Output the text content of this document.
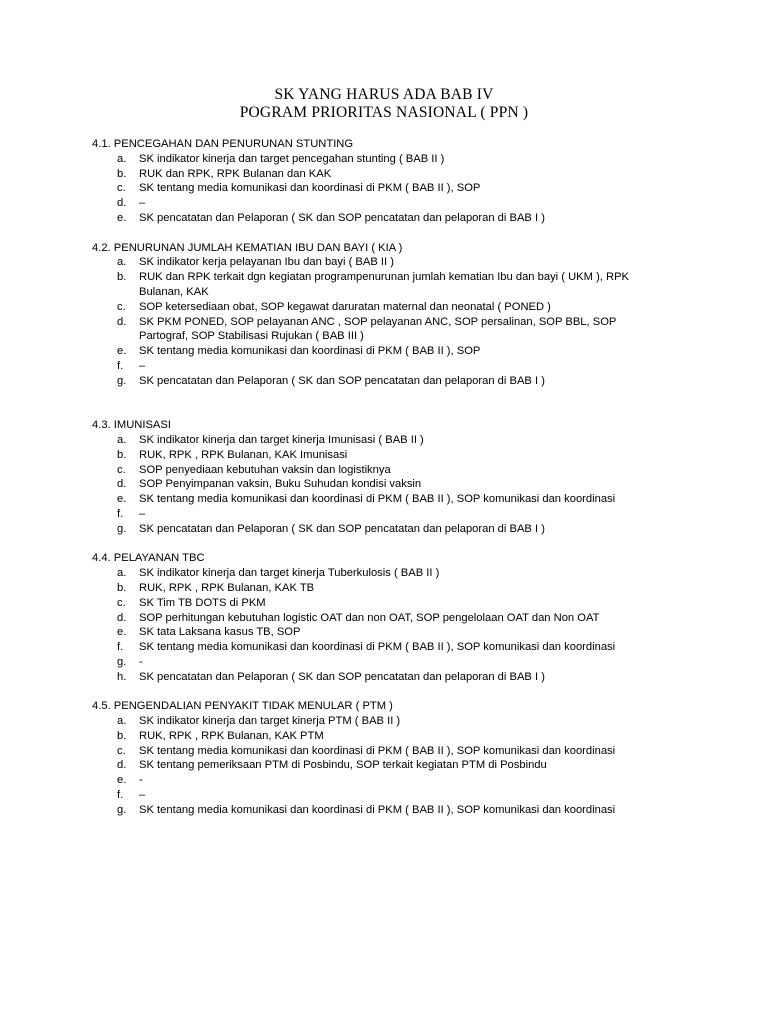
SK YANG HARUS ADA BAB IV
POGRAM PRIORITAS NASIONAL ( PPN )
4.1. PENCEGAHAN DAN PENURUNAN STUNTING
a. SK indikator kinerja dan target pencegahan stunting ( BAB II )
b. RUK dan RPK, RPK Bulanan dan KAK
c. SK tentang media komunikasi dan koordinasi di PKM ( BAB II ), SOP
d. –
e. SK pencatatan dan Pelaporan ( SK dan SOP pencatatan dan pelaporan di BAB I )
4.2. PENURUNAN JUMLAH KEMATIAN IBU DAN BAYI ( KIA )
a. SK indikator kerja pelayanan Ibu dan bayi ( BAB II )
b. RUK dan RPK terkait dgn kegiatan programpenurunan jumlah kematian Ibu dan bayi ( UKM ), RPK Bulanan, KAK
c. SOP ketersediaan obat, SOP kegawat daruratan maternal dan neonatal ( PONED )
d. SK PKM PONED, SOP pelayanan ANC , SOP pelayanan ANC, SOP persalinan, SOP BBL, SOP Partograf, SOP Stabilisasi Rujukan ( BAB III )
e. SK tentang media komunikasi dan koordinasi di PKM ( BAB II ), SOP
f. –
g. SK pencatatan dan Pelaporan ( SK dan SOP pencatatan dan pelaporan di BAB I )
4.3. IMUNISASI
a. SK indikator kinerja dan target kinerja Imunisasi ( BAB II )
b. RUK, RPK , RPK Bulanan, KAK Imunisasi
c. SOP penyediaan kebutuhan vaksin dan logistiknya
d. SOP Penyimpanan vaksin, Buku Suhudan kondisi vaksin
e. SK tentang media komunikasi dan koordinasi di PKM ( BAB II ), SOP komunikasi dan koordinasi
f. –
g. SK pencatatan dan Pelaporan ( SK dan SOP pencatatan dan pelaporan di BAB I )
4.4. PELAYANAN TBC
a. SK indikator kinerja dan target kinerja Tuberkulosis ( BAB II )
b. RUK, RPK , RPK Bulanan, KAK TB
c. SK Tim TB DOTS di PKM
d. SOP perhitungan kebutuhan logistic OAT dan non OAT, SOP pengelolaan OAT dan Non OAT
e. SK tata Laksana kasus TB, SOP
f. SK tentang media komunikasi dan koordinasi di PKM ( BAB II ), SOP komunikasi dan koordinasi
g. -
h. SK pencatatan dan Pelaporan ( SK dan SOP pencatatan dan pelaporan di BAB I )
4.5. PENGENDALIAN PENYAKIT TIDAK MENULAR ( PTM )
a. SK indikator kinerja dan target kinerja PTM ( BAB II )
b. RUK, RPK , RPK Bulanan, KAK PTM
c. SK tentang media komunikasi dan koordinasi di PKM ( BAB II ), SOP komunikasi dan koordinasi
d. SK tentang pemeriksaan PTM di Posbindu, SOP terkait kegiatan PTM di Posbindu
e. -
f. –
g. SK tentang media komunikasi dan koordinasi di PKM ( BAB II ), SOP komunikasi dan koordinasi
